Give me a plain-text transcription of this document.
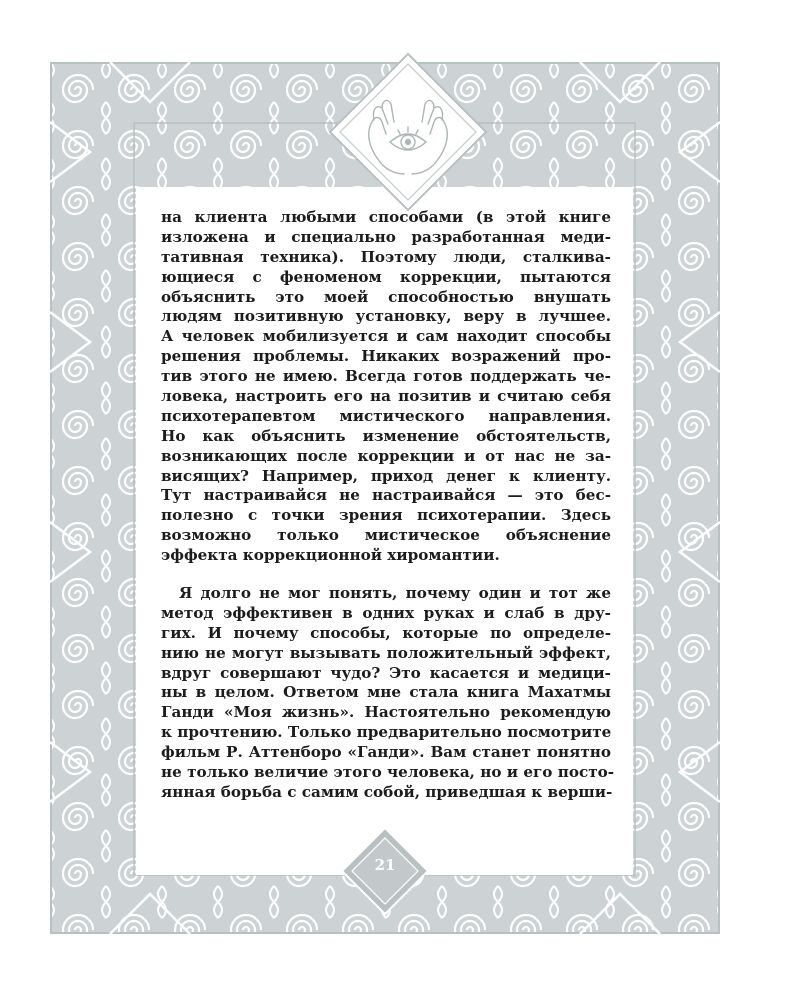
21
на клиента любыми способами (в этой книге
изложена и специально разработанная меди-
тативная техника). Поэтому люди, сталкива-
ющиеся с феноменом коррекции, пытаются
объяснить это моей способностью внушать
людям позитивную установку, веру в лучшее.
А человек мобилизуется и сам находит способы
решения проблемы. Никаких возражений про-
тив этого не имею. Всегда готов поддержать че-
ловека, настроить его на позитив и считаю себя
психотерапевтом мистического направления.
Но как объяснить изменение обстоятельств,
возникающих после коррекции и от нас не за-
висящих? Например, приход денег к клиенту.
Тут настраивайся не настраивайся — это бес-
полезно с точки зрения психотерапии. Здесь
возможно только мистическое объяснение
эффекта коррекционной хиромантии.
Я долго не мог понять, почему один и тот же
метод эффективен в одних руках и слаб в дру-
гих. И почему способы, которые по определе-
нию не могут вызывать положительный эффект,
вдруг совершают чудо? Это касается и медици-
ны в целом. Ответом мне стала книга Махатмы
Ганди «Моя жизнь». Настоятельно рекомендую
к прочтению. Только предварительно посмотрите
фильм Р. Аттенборо «Ганди». Вам станет понятно
не только величие этого человека, но и его посто-
янная борьба с самим собой, приведшая к верши-
